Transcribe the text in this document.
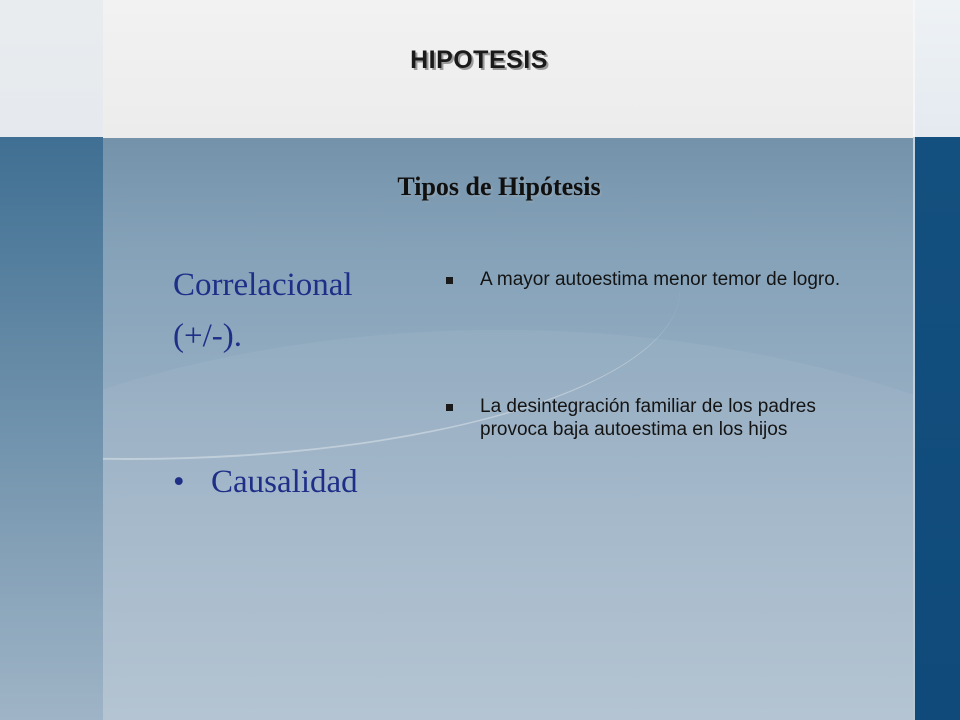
HIPOTESIS
Tipos de Hipótesis
Correlacional
(+/-).
• Causalidad
A mayor autoestima menor temor de logro.
La desintegración familiar de los padres provoca baja autoestima en los hijos
